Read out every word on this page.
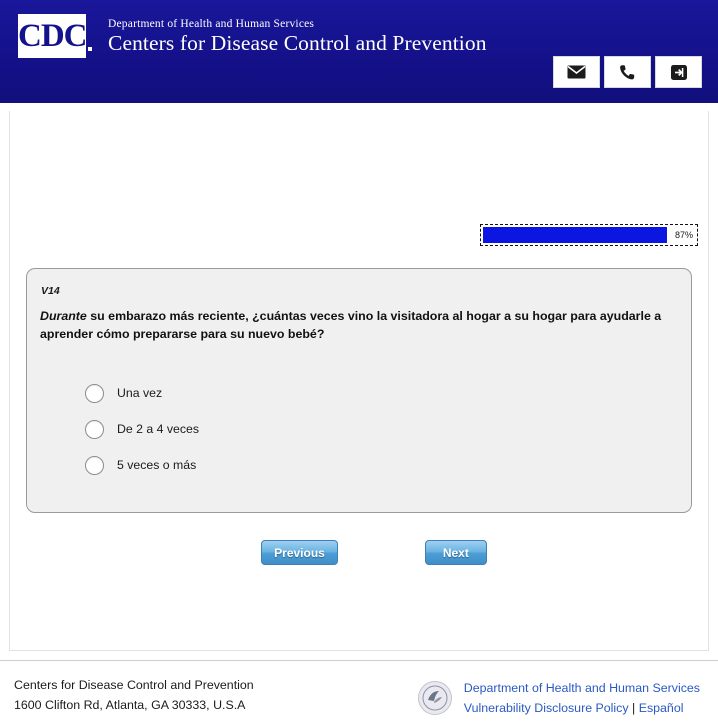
CDC Department of Health and Human Services
Centers for Disease Control and Prevention
87%
V14
Durante su embarazo más reciente, ¿cuántas veces vino la visitadora al hogar a su hogar para ayudarle a aprender cómo prepararse para su nuevo bebé?
Una vez
De 2 a 4 veces
5 veces o más
Previous	Next
Centers for Disease Control and Prevention
1600 Clifton Rd, Atlanta, GA 30333, U.S.A
Department of Health and Human Services
Vulnerability Disclosure Policy | Español
